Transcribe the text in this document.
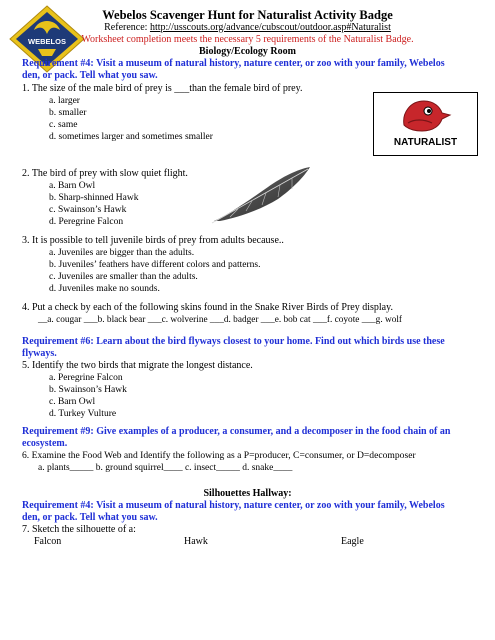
WEBELOS
Webelos Scavenger Hunt for Naturalist Activity Badge
Reference: http://usscouts.org/advance/cubscout/outdoor.asp#Naturalist
Worksheet completion meets the necessary 5 requirements of the Naturalist Badge.
Biology/Ecology Room
Requirement #4: Visit a museum of natural history, nature center, or zoo with your family, Webelos
den, or pack. Tell what you saw.
1. The size of the male bird of prey is ___than the female bird of prey.
a. larger
b. smaller
c. same
d. sometimes larger and sometimes smaller	NATURALIST
2. The bird of prey with slow quiet flight.
a. Barn Owl
b. Sharp-shinned Hawk
c. Swainson’s Hawk
d. Peregrine Falcon
3. It is possible to tell juvenile birds of prey from adults because..
a. Juveniles are bigger than the adults.
b. Juveniles’ feathers have different colors and patterns.
c. Juveniles are smaller than the adults.
d. Juveniles make no sounds.
4. Put a check by each of the following skins found in the Snake River Birds of Prey display.
__a. cougar ___b. black bear ___c. wolverine ___d. badger ___e. bob cat ___f. coyote ___g. wolf
Requirement #6: Learn about the bird flyways closest to your home. Find out which birds use these
flyways.
5. Identify the two birds that migrate the longest distance.
a. Peregrine Falcon
b. Swainson’s Hawk
c. Barn Owl
d. Turkey Vulture
Requirement #9: Give examples of a producer, a consumer, and a decomposer in the food chain of an
ecosystem.
6. Examine the Food Web and Identify the following as a P=producer, C=consumer, or D=decomposer
a. plants_____ b. ground squirrel____ c. insect_____ d. snake____
Silhouettes Hallway:
Requirement #4: Visit a museum of natural history, nature center, or zoo with your family, Webelos
den, or pack. Tell what you saw.
7. Sketch the silhouette of a:
Falcon	Hawk	Eagle
